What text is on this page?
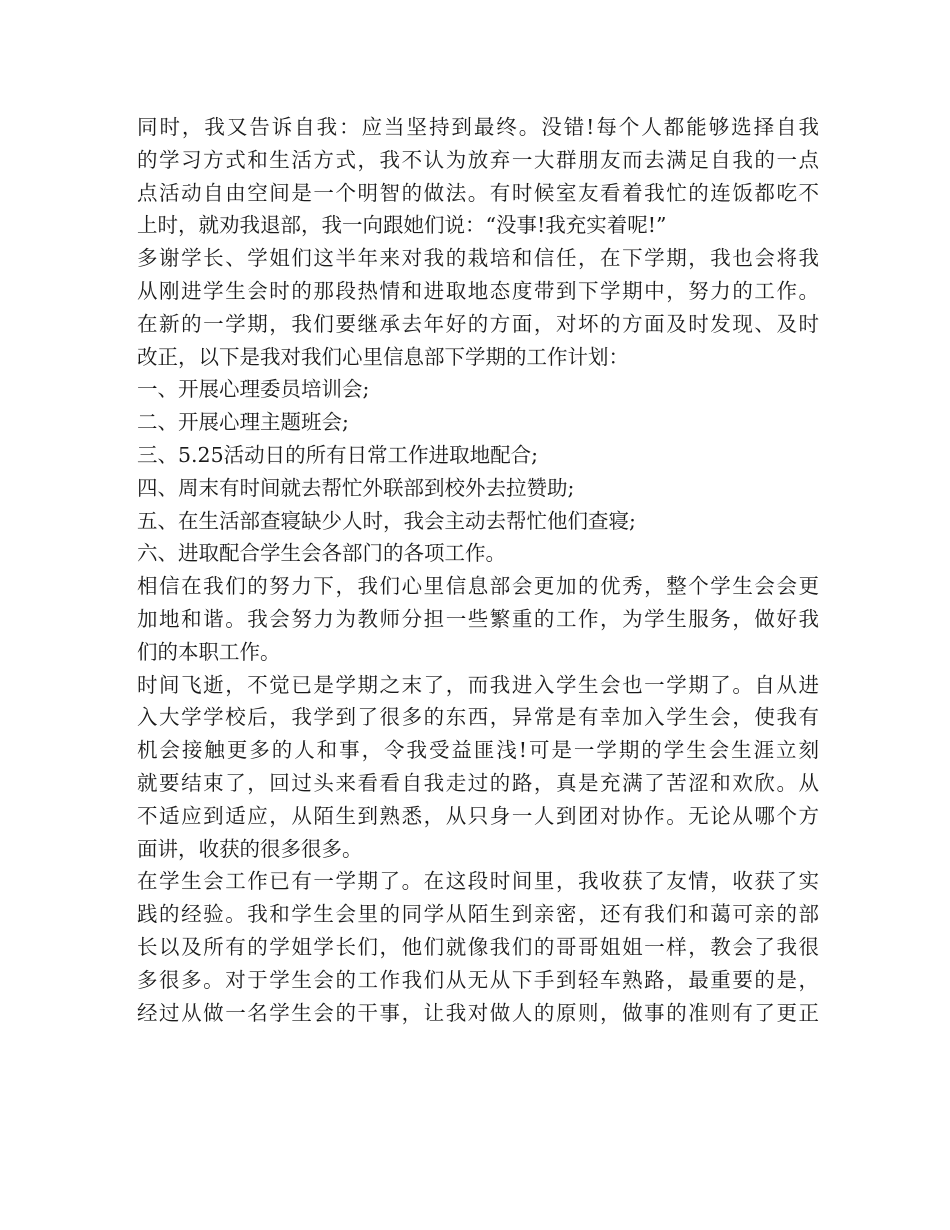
同时，我又告诉自我：应当坚持到最终。没错!每个人都能够选择自我
的学习方式和生活方式，我不认为放弃一大群朋友而去满足自我的一点
点活动自由空间是一个明智的做法。有时候室友看着我忙的连饭都吃不
上时，就劝我退部，我一向跟她们说：“没事!我充实着呢!”
多谢学长、学姐们这半年来对我的栽培和信任，在下学期，我也会将我
从刚进学生会时的那段热情和进取地态度带到下学期中，努力的工作。
在新的一学期，我们要继承去年好的方面，对坏的方面及时发现、及时
改正，以下是我对我们心里信息部下学期的工作计划：
一、开展心理委员培训会;
二、开展心理主题班会;
三、5.25活动日的所有日常工作进取地配合;
四、周末有时间就去帮忙外联部到校外去拉赞助;
五、在生活部查寝缺少人时，我会主动去帮忙他们查寝;
六、进取配合学生会各部门的各项工作。
相信在我们的努力下，我们心里信息部会更加的优秀，整个学生会会更
加地和谐。我会努力为教师分担一些繁重的工作，为学生服务，做好我
们的本职工作。
时间飞逝，不觉已是学期之末了，而我进入学生会也一学期了。自从进
入大学学校后，我学到了很多的东西，异常是有幸加入学生会，使我有
机会接触更多的人和事，令我受益匪浅!可是一学期的学生会生涯立刻
就要结束了，回过头来看看自我走过的路，真是充满了苦涩和欢欣。从
不适应到适应，从陌生到熟悉，从只身一人到团对协作。无论从哪个方
面讲，收获的很多很多。
在学生会工作已有一学期了。在这段时间里，我收获了友情，收获了实
践的经验。我和学生会里的同学从陌生到亲密，还有我们和蔼可亲的部
长以及所有的学姐学长们，他们就像我们的哥哥姐姐一样，教会了我很
多很多。对于学生会的工作我们从无从下手到轻车熟路，最重要的是，
经过从做一名学生会的干事，让我对做人的原则，做事的准则有了更正
